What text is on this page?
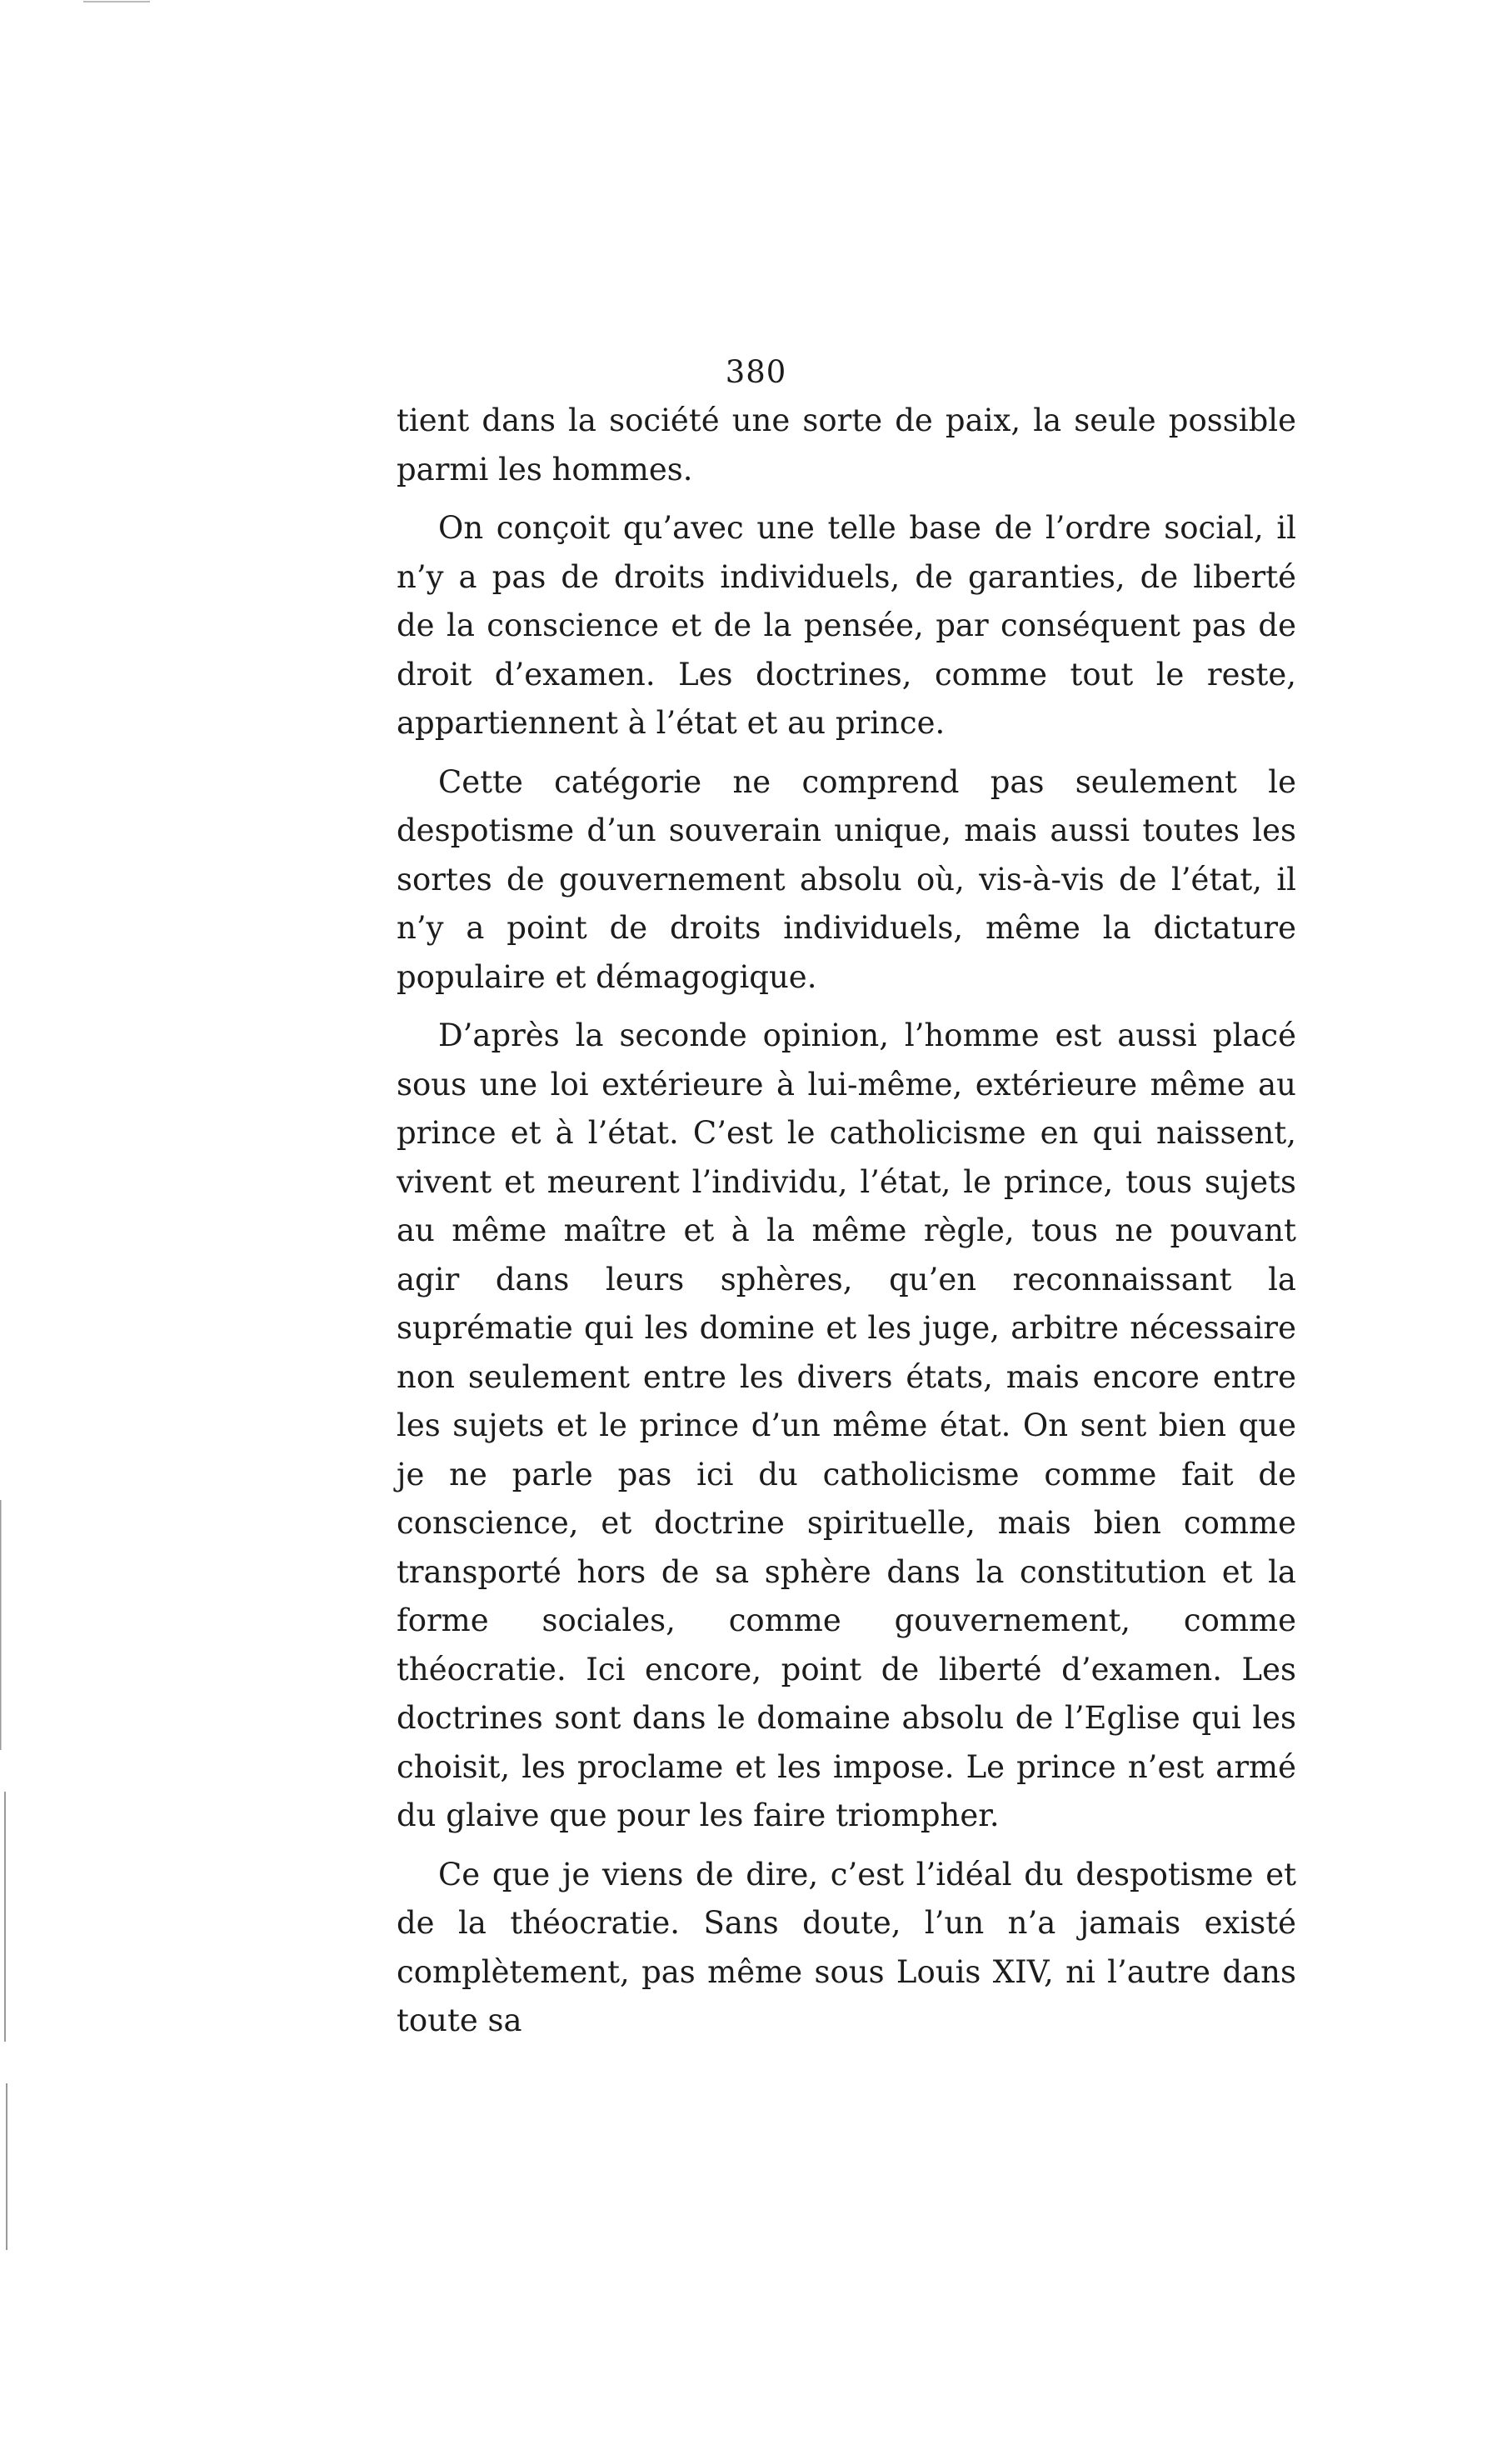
380

tient dans la société une sorte de paix, la seule possible parmi les hommes.

On conçoit qu’avec une telle base de l’ordre social, il n’y a pas de droits individuels, de garanties, de liberté de la conscience et de la pensée, par conséquent pas de droit d’examen. Les doctrines, comme tout le reste, appartiennent à l’état et au prince.

Cette catégorie ne comprend pas seulement le despotisme d’un souverain unique, mais aussi toutes les sortes de gouvernement absolu où, vis-à-vis de l’état, il n’y a point de droits individuels, même la dictature populaire et démagogique.

D’après la seconde opinion, l’homme est aussi placé sous une loi extérieure à lui-même, extérieure même au prince et à l’état. C’est le catholicisme en qui naissent, vivent et meurent l’individu, l’état, le prince, tous sujets au même maître et à la même règle, tous ne pouvant agir dans leurs sphères, qu’en reconnaissant la suprématie qui les domine et les juge, arbitre nécessaire non seulement entre les divers états, mais encore entre les sujets et le prince d’un même état. On sent bien que je ne parle pas ici du catholicisme comme fait de conscience, et doctrine spirituelle, mais bien comme transporté hors de sa sphère dans la constitution et la forme sociales, comme gouvernement, comme théocratie. Ici encore, point de liberté d’examen. Les doctrines sont dans le domaine absolu de l’Eglise qui les choisit, les proclame et les impose. Le prince n’est armé du glaive que pour les faire triompher.

Ce que je viens de dire, c’est l’idéal du despotisme et de la théocratie. Sans doute, l’un n’a jamais existé complètement, pas même sous Louis XIV, ni l’autre dans toute sa
